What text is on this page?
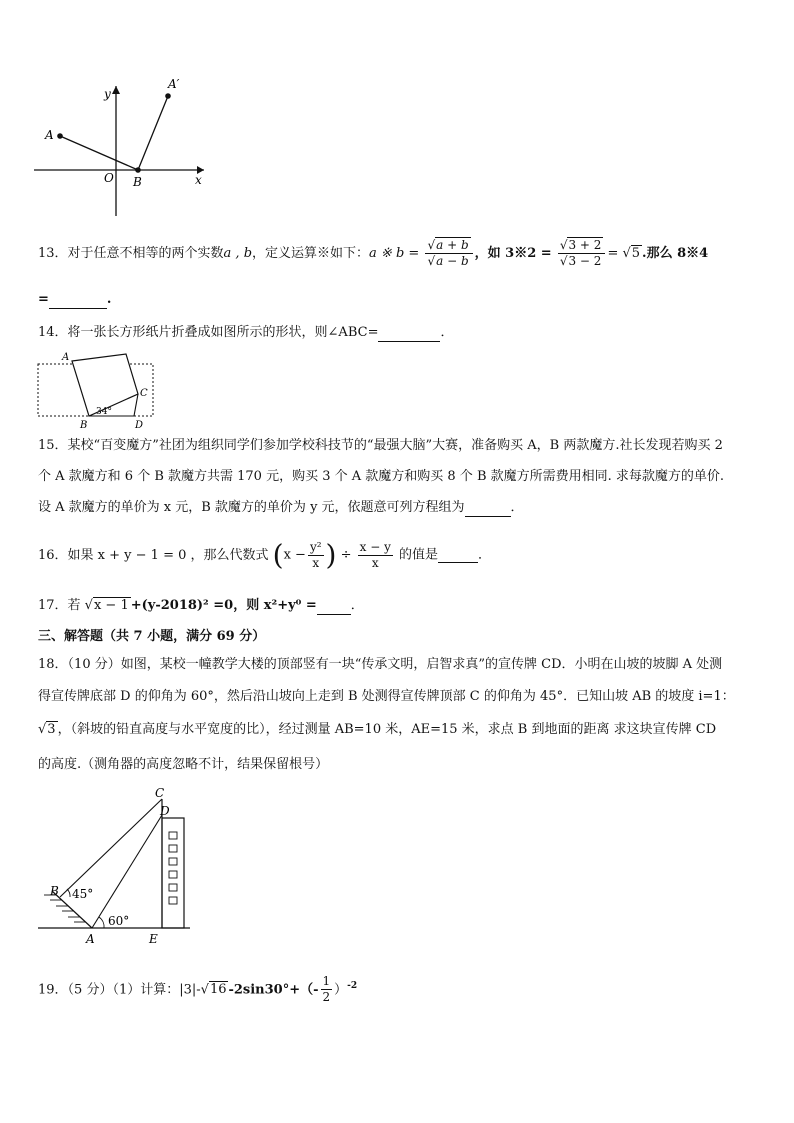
y
x
O
A
B
A′
13．对于任意不相等的两个实数a , b，定义运算※如下：a ※ $b = \frac{√a + b}{√a - b}$ ，如 3※2 = $\frac{√3 + 2}{√3 - 2} = √5$ .那么 8※4
=	.
14．将一张长方形纸片折叠成如图所示的形状，则∠ABC=	．
A
C
B	D
34°
15．某校“百变魔方”社团为组织同学们参加学校科技节的“最强大脑”大赛，准备购买 A，B 两款魔方.社长发现若购买 2
个 A 款魔方和 6 个 B 款魔方共需 170 元，购买 3 个 A 款魔方和购买 8 个 B 款魔方所需费用相同. 求每款魔方的单价.
设 A 款魔方的单价为 x 元，B 款魔方的单价为 y 元，依题意可列方程组为	．
16．如果 x + y − 1 = 0 ，那么代数式 ($x - \frac{\text{y²}}{x}$ ) ÷ $\frac{x - y}{x}$ 的值是	．
17．若 √x − 1 +(y-2018)² =0，则 x²+y⁰ =	．
三、解答题（共 7 小题，满分 69 分）
18．（10 分）如图，某校一幢教学大楼的顶部竖有一块“传承文明，启智求真”的宣传牌 CD．小明在山坡的坡脚 A 处测
得宣传牌底部 D 的仰角为 60°，然后沿山坡向上走到 B 处测得宣传牌顶部 C 的仰角为 45°．已知山坡 AB 的坡度 i=1：
√3 ，（斜坡的铅直高度与水平宽度的比），经过测量 AB=10 米，AE=15 米，求点 B 到地面的距离 求这块宣传牌 CD
的高度.（测角器的高度忽略不计，结果保留根号）
C
D
B
A	E
45°
60°
19．（5 分）（1）计算：|3|-√16 $-2\sin 30^\circ+(- \frac{1}{2} )^{-2}$
